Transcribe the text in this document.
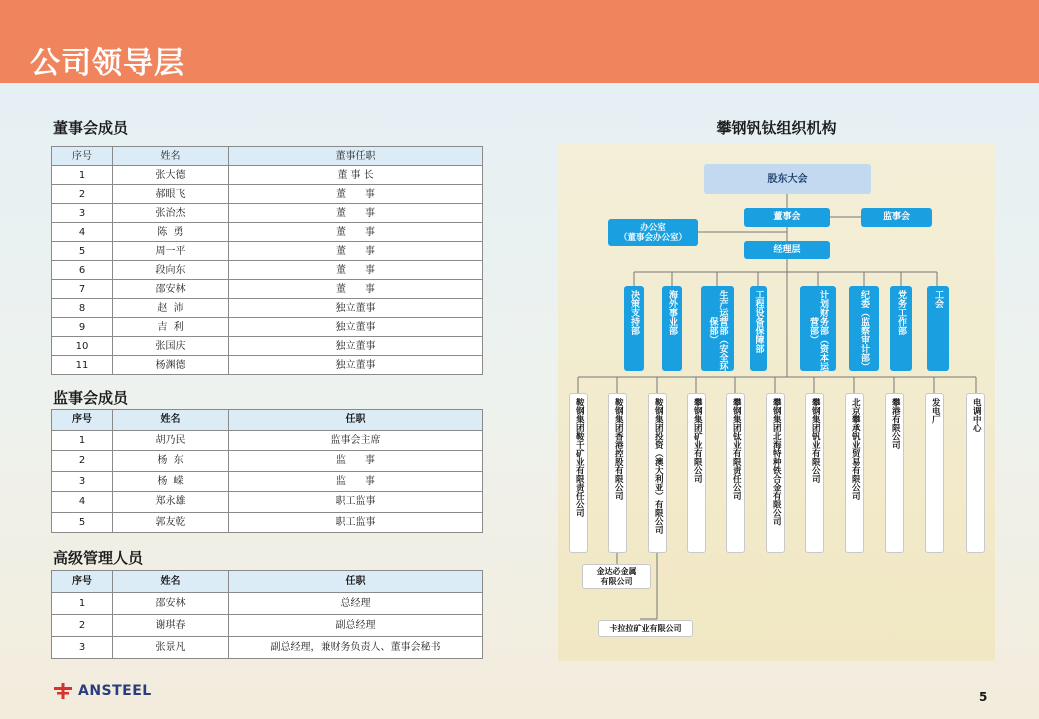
公司领导层
董事会成员
序号	姓名	董事任职
1	张大德	董 事 长
2	郝眼飞	董      事
3	张治杰	董      事
4	陈  勇	董      事
5	周一平	董      事
6	段向东	董      事
7	邵安林	董      事
8	赵  沛	独立董事
9	吉  利	独立董事
10	张国庆	独立董事
11	杨渊德	独立董事
监事会成员
序号	姓名	任职
1	胡乃民	监事会主席
2	杨  东	监      事
3	杨  嵘	监      事
4	郑永雄	职工监事
5	郭友乾	职工监事
高级管理人员
序号	姓名	任职
1	邵安林	总经理
2	谢琪春	副总经理
3	张景凡	副总经理，兼财务负责人、董事会秘书
攀钢钒钛组织机构
股东大会
董事会	监事会
办公室
（董事会办公室）
经理层
决策支持部	海外事业部	生产运营部（安全环保部）	工程设备保障部	计划财务部（资本运营部）	纪委（监察审计部）	党务工作部	工会
鞍钢集团鞍千矿业有限责任公司	鞍钢集团香港控股有限公司	鞍钢集团投资（澳大利亚）有限公司	攀钢集团矿业有限公司	攀钢集团钛业有限责任公司	攀钢集团北海特种铁合金有限公司	攀钢集团钒业有限公司	北京攀承钒业贸易有限公司	攀港有限公司	发电厂	电调中心
金达必金属
有限公司
卡拉拉矿业有限公司
ANSTEEL	5
